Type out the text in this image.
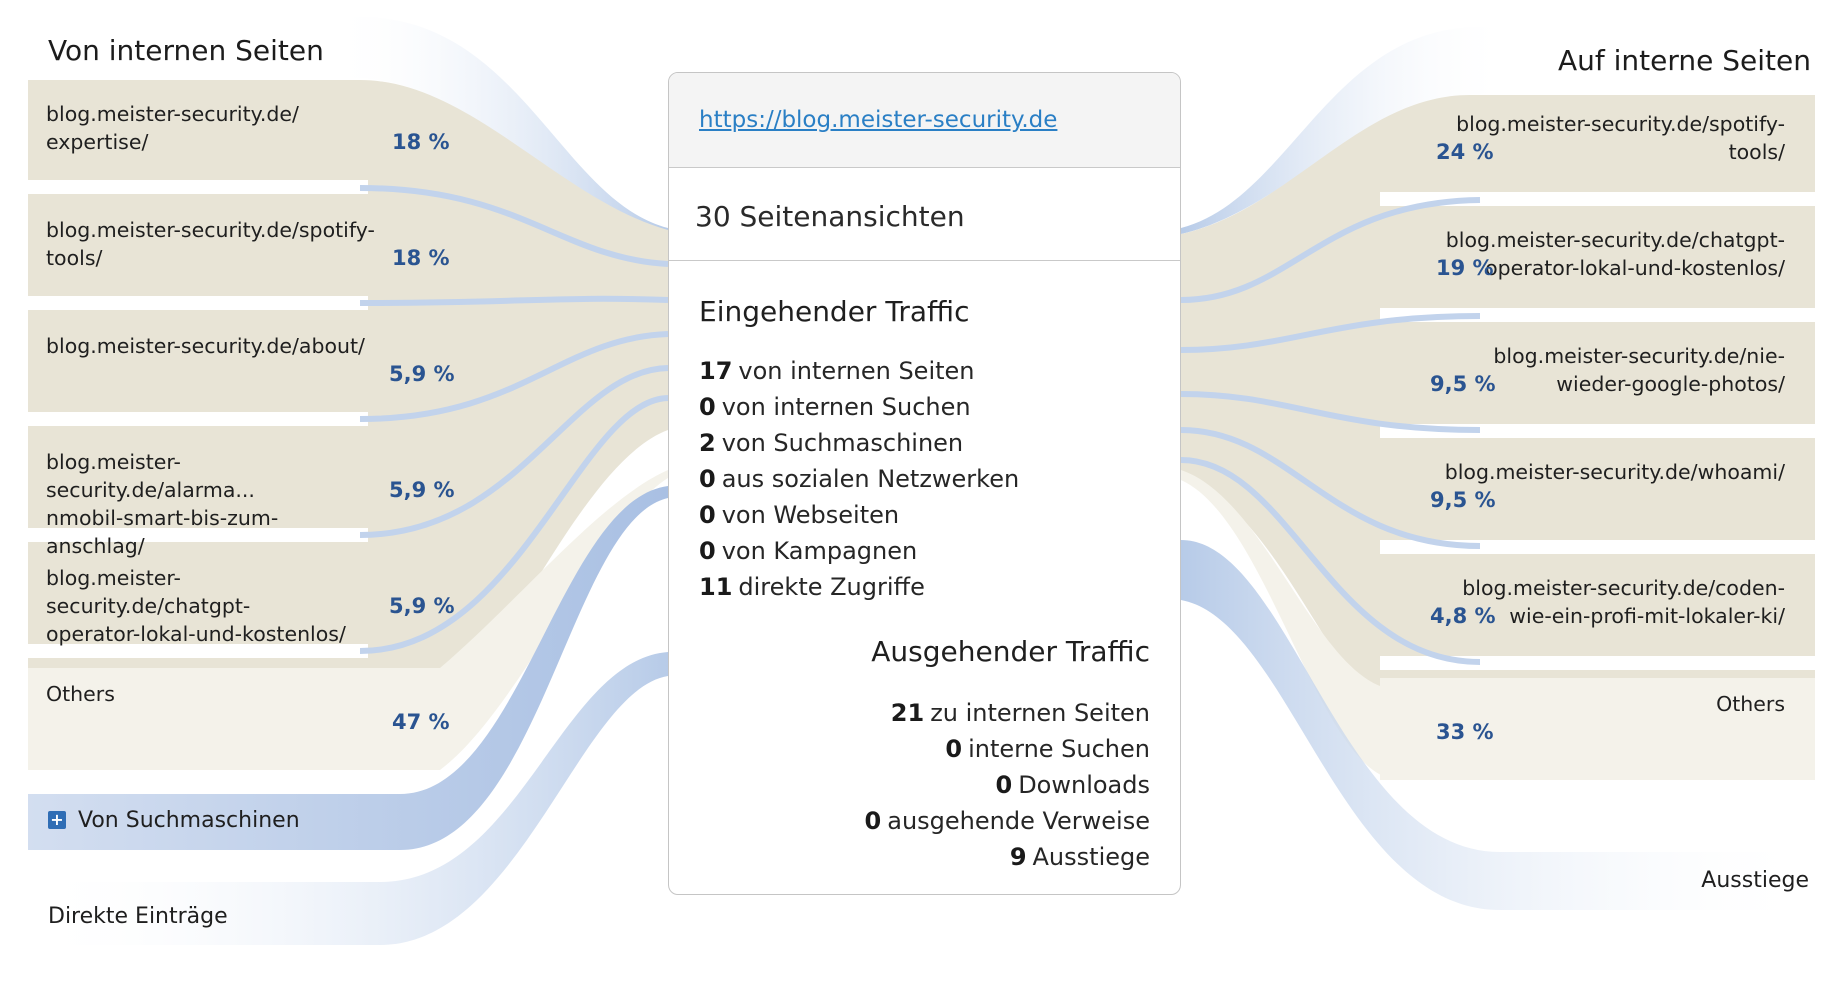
Von internen Seiten
blog.meister-security.de/
expertise/	18 %
blog.meister-security.de/spotify-
tools/	18 %
blog.meister-security.de/about/
5,9 %
blog.meister-security.de/alarma...
nmobil-smart-bis-zum-anschlag/
5,9 %
blog.meister-security.de/chatgpt-
operator-lokal-und-kostenlos/
5,9 %
Others
47 %
+ Von Suchmaschinen
Direkte Einträge
Auf interne Seiten
blog.meister-security.de/spotify-
tools/
24 %
blog.meister-security.de/chatgpt-
operator-lokal-und-kostenlos/
19 %
blog.meister-security.de/nie-
wieder-google-photos/
9,5 %
blog.meister-security.de/whoami/
9,5 %
blog.meister-security.de/coden-
wie-ein-profi-mit-lokaler-ki/
4,8 %
Others
33 %
Ausstiege
https://blog.meister-security.de
30 Seitenansichten
Eingehender Traffic
17 von internen Seiten
0 von internen Suchen
2 von Suchmaschinen
0 aus sozialen Netzwerken
0 von Webseiten
0 von Kampagnen
11 direkte Zugriffe
Ausgehender Traffic
21 zu internen Seiten
0 interne Suchen
0 Downloads
0 ausgehende Verweise
9 Ausstiege
